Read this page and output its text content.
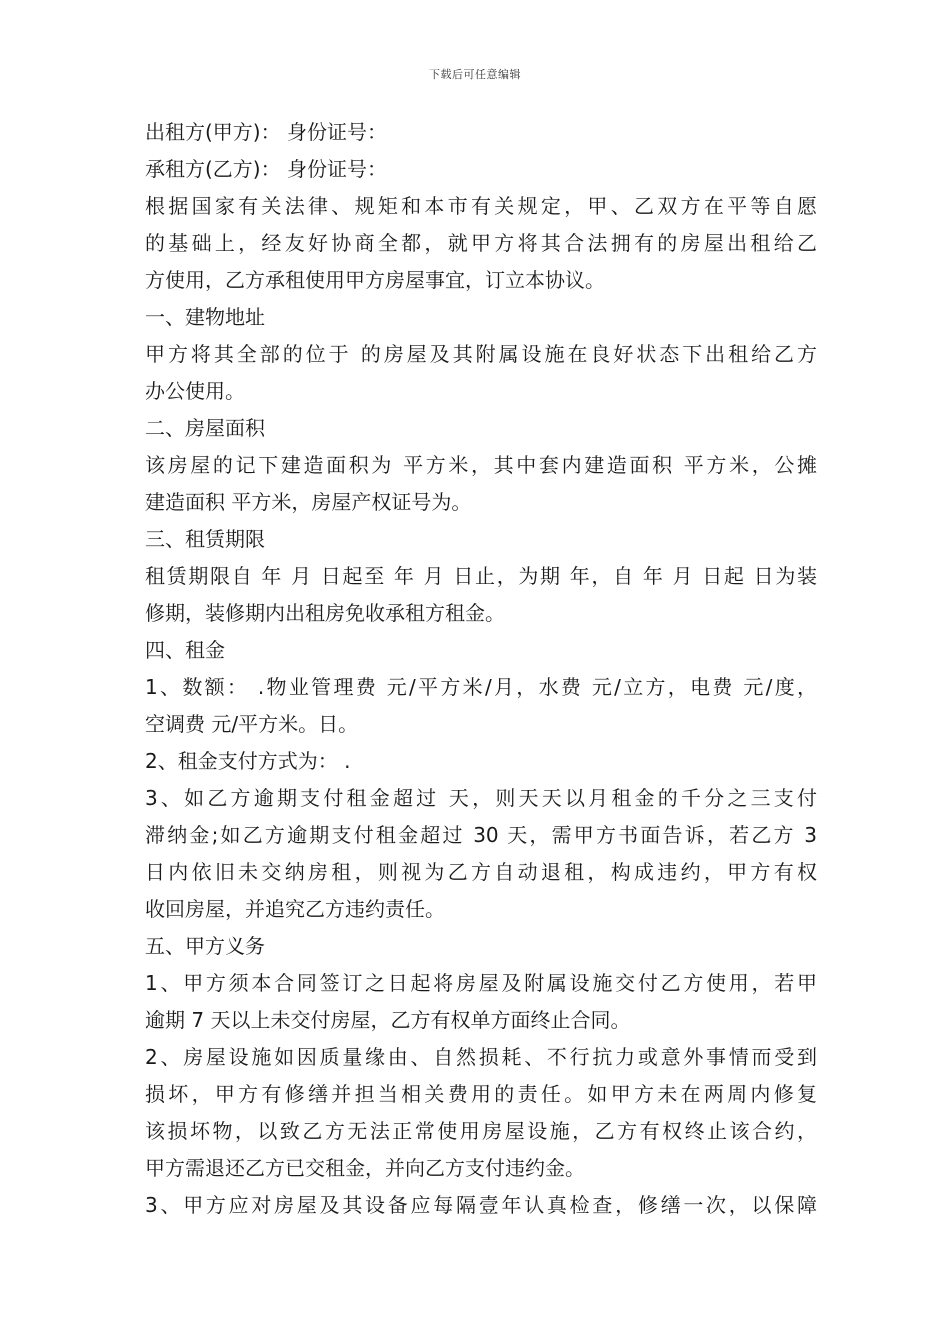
下载后可任意编辑
出租方(甲方)： 身份证号：
承租方(乙方)： 身份证号：
根据国家有关法律、规矩和本市有关规定，甲、乙双方在平等自愿
的基础上，经友好协商全都，就甲方将其合法拥有的房屋出租给乙
方使用，乙方承租使用甲方房屋事宜，订立本协议。
一、建物地址
甲方将其全部的位于 的房屋及其附属设施在良好状态下出租给乙方
办公使用。
二、房屋面积
该房屋的记下建造面积为 平方米，其中套内建造面积 平方米，公摊
建造面积 平方米，房屋产权证号为。
三、租赁期限
租赁期限自 年 月 日起至 年 月 日止，为期 年，自 年 月 日起 日为装
修期，装修期内出租房免收承租方租金。
四、租金
1、数额： .物业管理费 元/平方米/月，水费 元/立方，电费 元/度，
空调费 元/平方米。日。
2、租金支付方式为： .
3、如乙方逾期支付租金超过 天，则天天以月租金的千分之三支付
滞纳金;如乙方逾期支付租金超过 30 天，需甲方书面告诉，若乙方 3
日内依旧未交纳房租，则视为乙方自动退租，构成违约，甲方有权
收回房屋，并追究乙方违约责任。
五、甲方义务
1、甲方须本合同签订之日起将房屋及附属设施交付乙方使用，若甲
逾期 7 天以上未交付房屋，乙方有权单方面终止合同。
2、房屋设施如因质量缘由、自然损耗、不行抗力或意外事情而受到
损坏，甲方有修缮并担当相关费用的责任。如甲方未在两周内修复
该损坏物，以致乙方无法正常使用房屋设施，乙方有权终止该合约，
甲方需退还乙方已交租金，并向乙方支付违约金。
3、甲方应对房屋及其设备应每隔壹年认真检查，修缮一次，以保障
